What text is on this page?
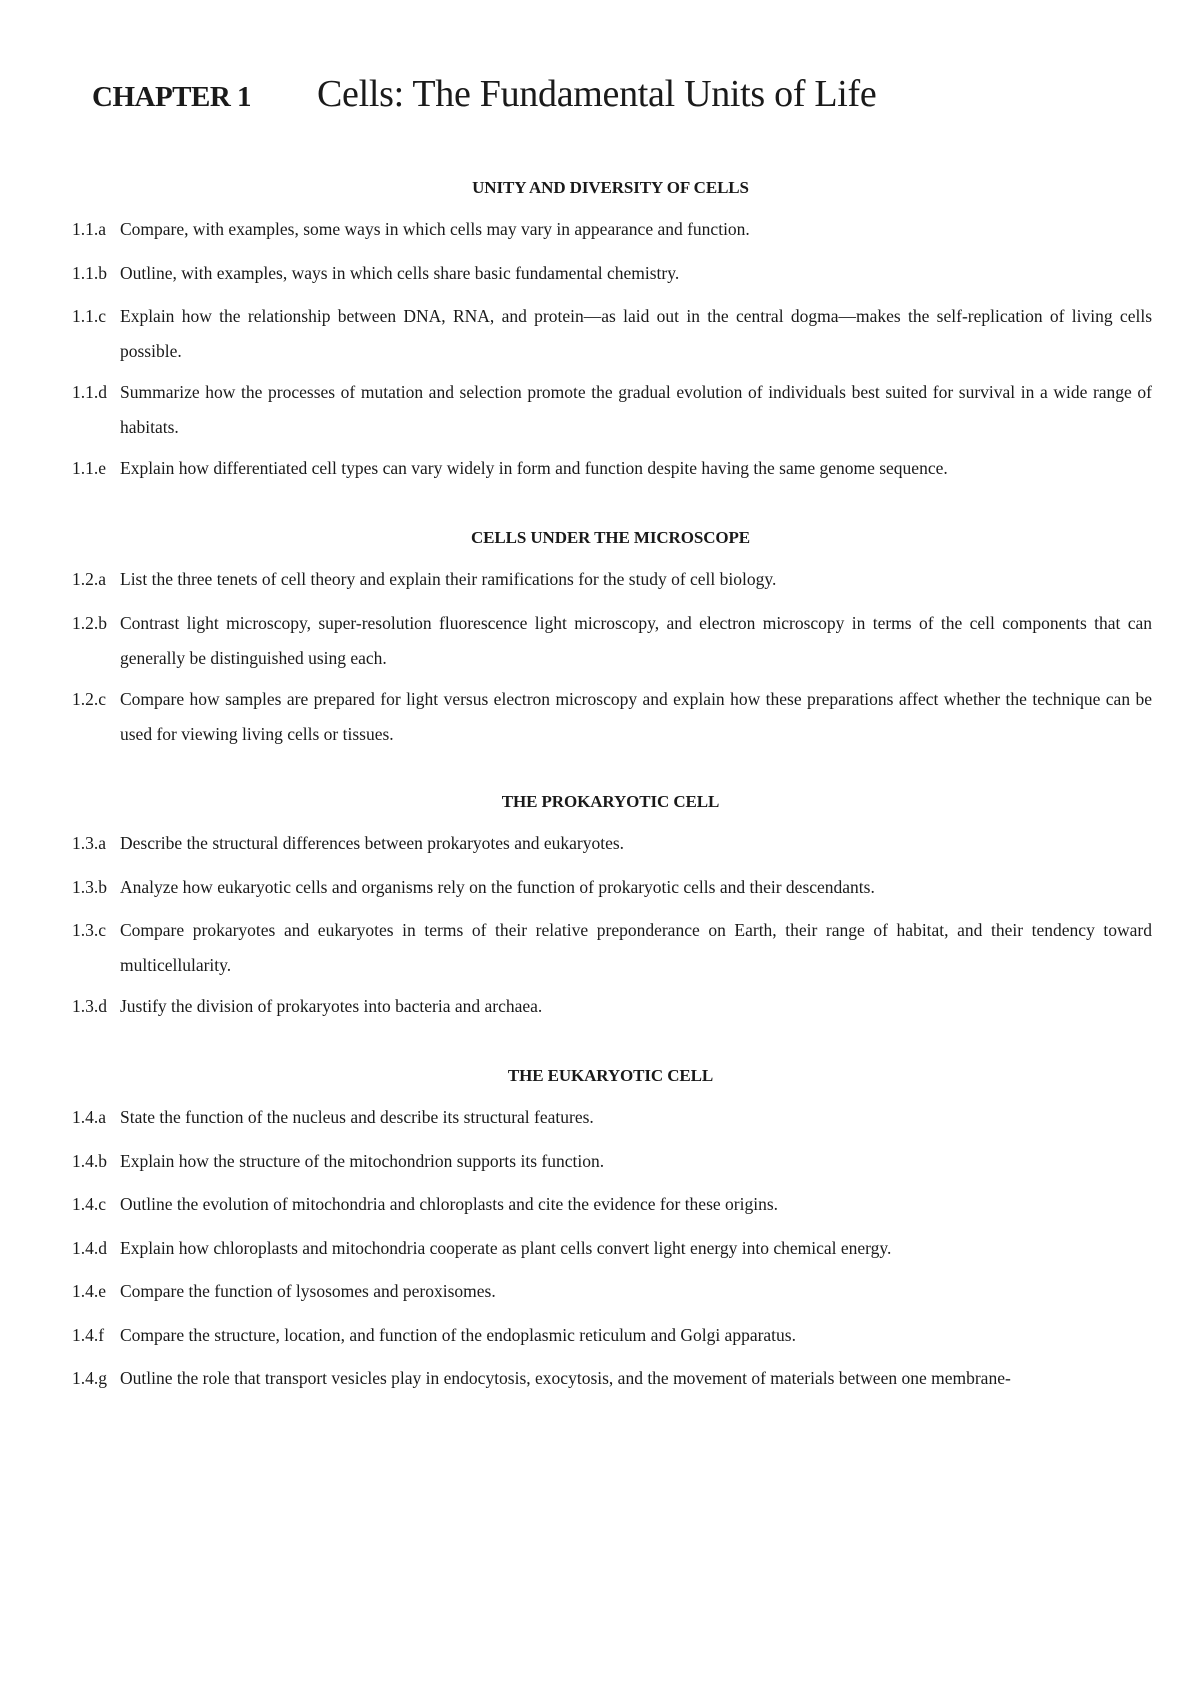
CHAPTER 1	Cells: The Fundamental Units of Life
UNITY AND DIVERSITY OF CELLS
1.1.a Compare, with examples, some ways in which cells may vary in appearance and function.
1.1.b Outline, with examples, ways in which cells share basic fundamental chemistry.
1.1.c Explain how the relationship between DNA, RNA, and protein—as laid out in the central dogma—makes the self-replication of living cells possible.
1.1.d Summarize how the processes of mutation and selection promote the gradual evolution of individuals best suited for survival in a wide range of habitats.
1.1.e Explain how differentiated cell types can vary widely in form and function despite having the same genome sequence.
CELLS UNDER THE MICROSCOPE
1.2.a List the three tenets of cell theory and explain their ramifications for the study of cell biology.
1.2.b Contrast light microscopy, super-resolution fluorescence light microscopy, and electron microscopy in terms of the cell components that can generally be distinguished using each.
1.2.c Compare how samples are prepared for light versus electron microscopy and explain how these preparations affect whether the technique can be used for viewing living cells or tissues.
THE PROKARYOTIC CELL
1.3.a Describe the structural differences between prokaryotes and eukaryotes.
1.3.b Analyze how eukaryotic cells and organisms rely on the function of prokaryotic cells and their descendants.
1.3.c Compare prokaryotes and eukaryotes in terms of their relative preponderance on Earth, their range of habitat, and their tendency toward multicellularity.
1.3.d Justify the division of prokaryotes into bacteria and archaea.
THE EUKARYOTIC CELL
1.4.a State the function of the nucleus and describe its structural features.
1.4.b Explain how the structure of the mitochondrion supports its function.
1.4.c Outline the evolution of mitochondria and chloroplasts and cite the evidence for these origins.
1.4.d Explain how chloroplasts and mitochondria cooperate as plant cells convert light energy into chemical energy.
1.4.e Compare the function of lysosomes and peroxisomes.
1.4.f Compare the structure, location, and function of the endoplasmic reticulum and Golgi apparatus.
1.4.g Outline the role that transport vesicles play in endocytosis, exocytosis, and the movement of materials between one membrane-
